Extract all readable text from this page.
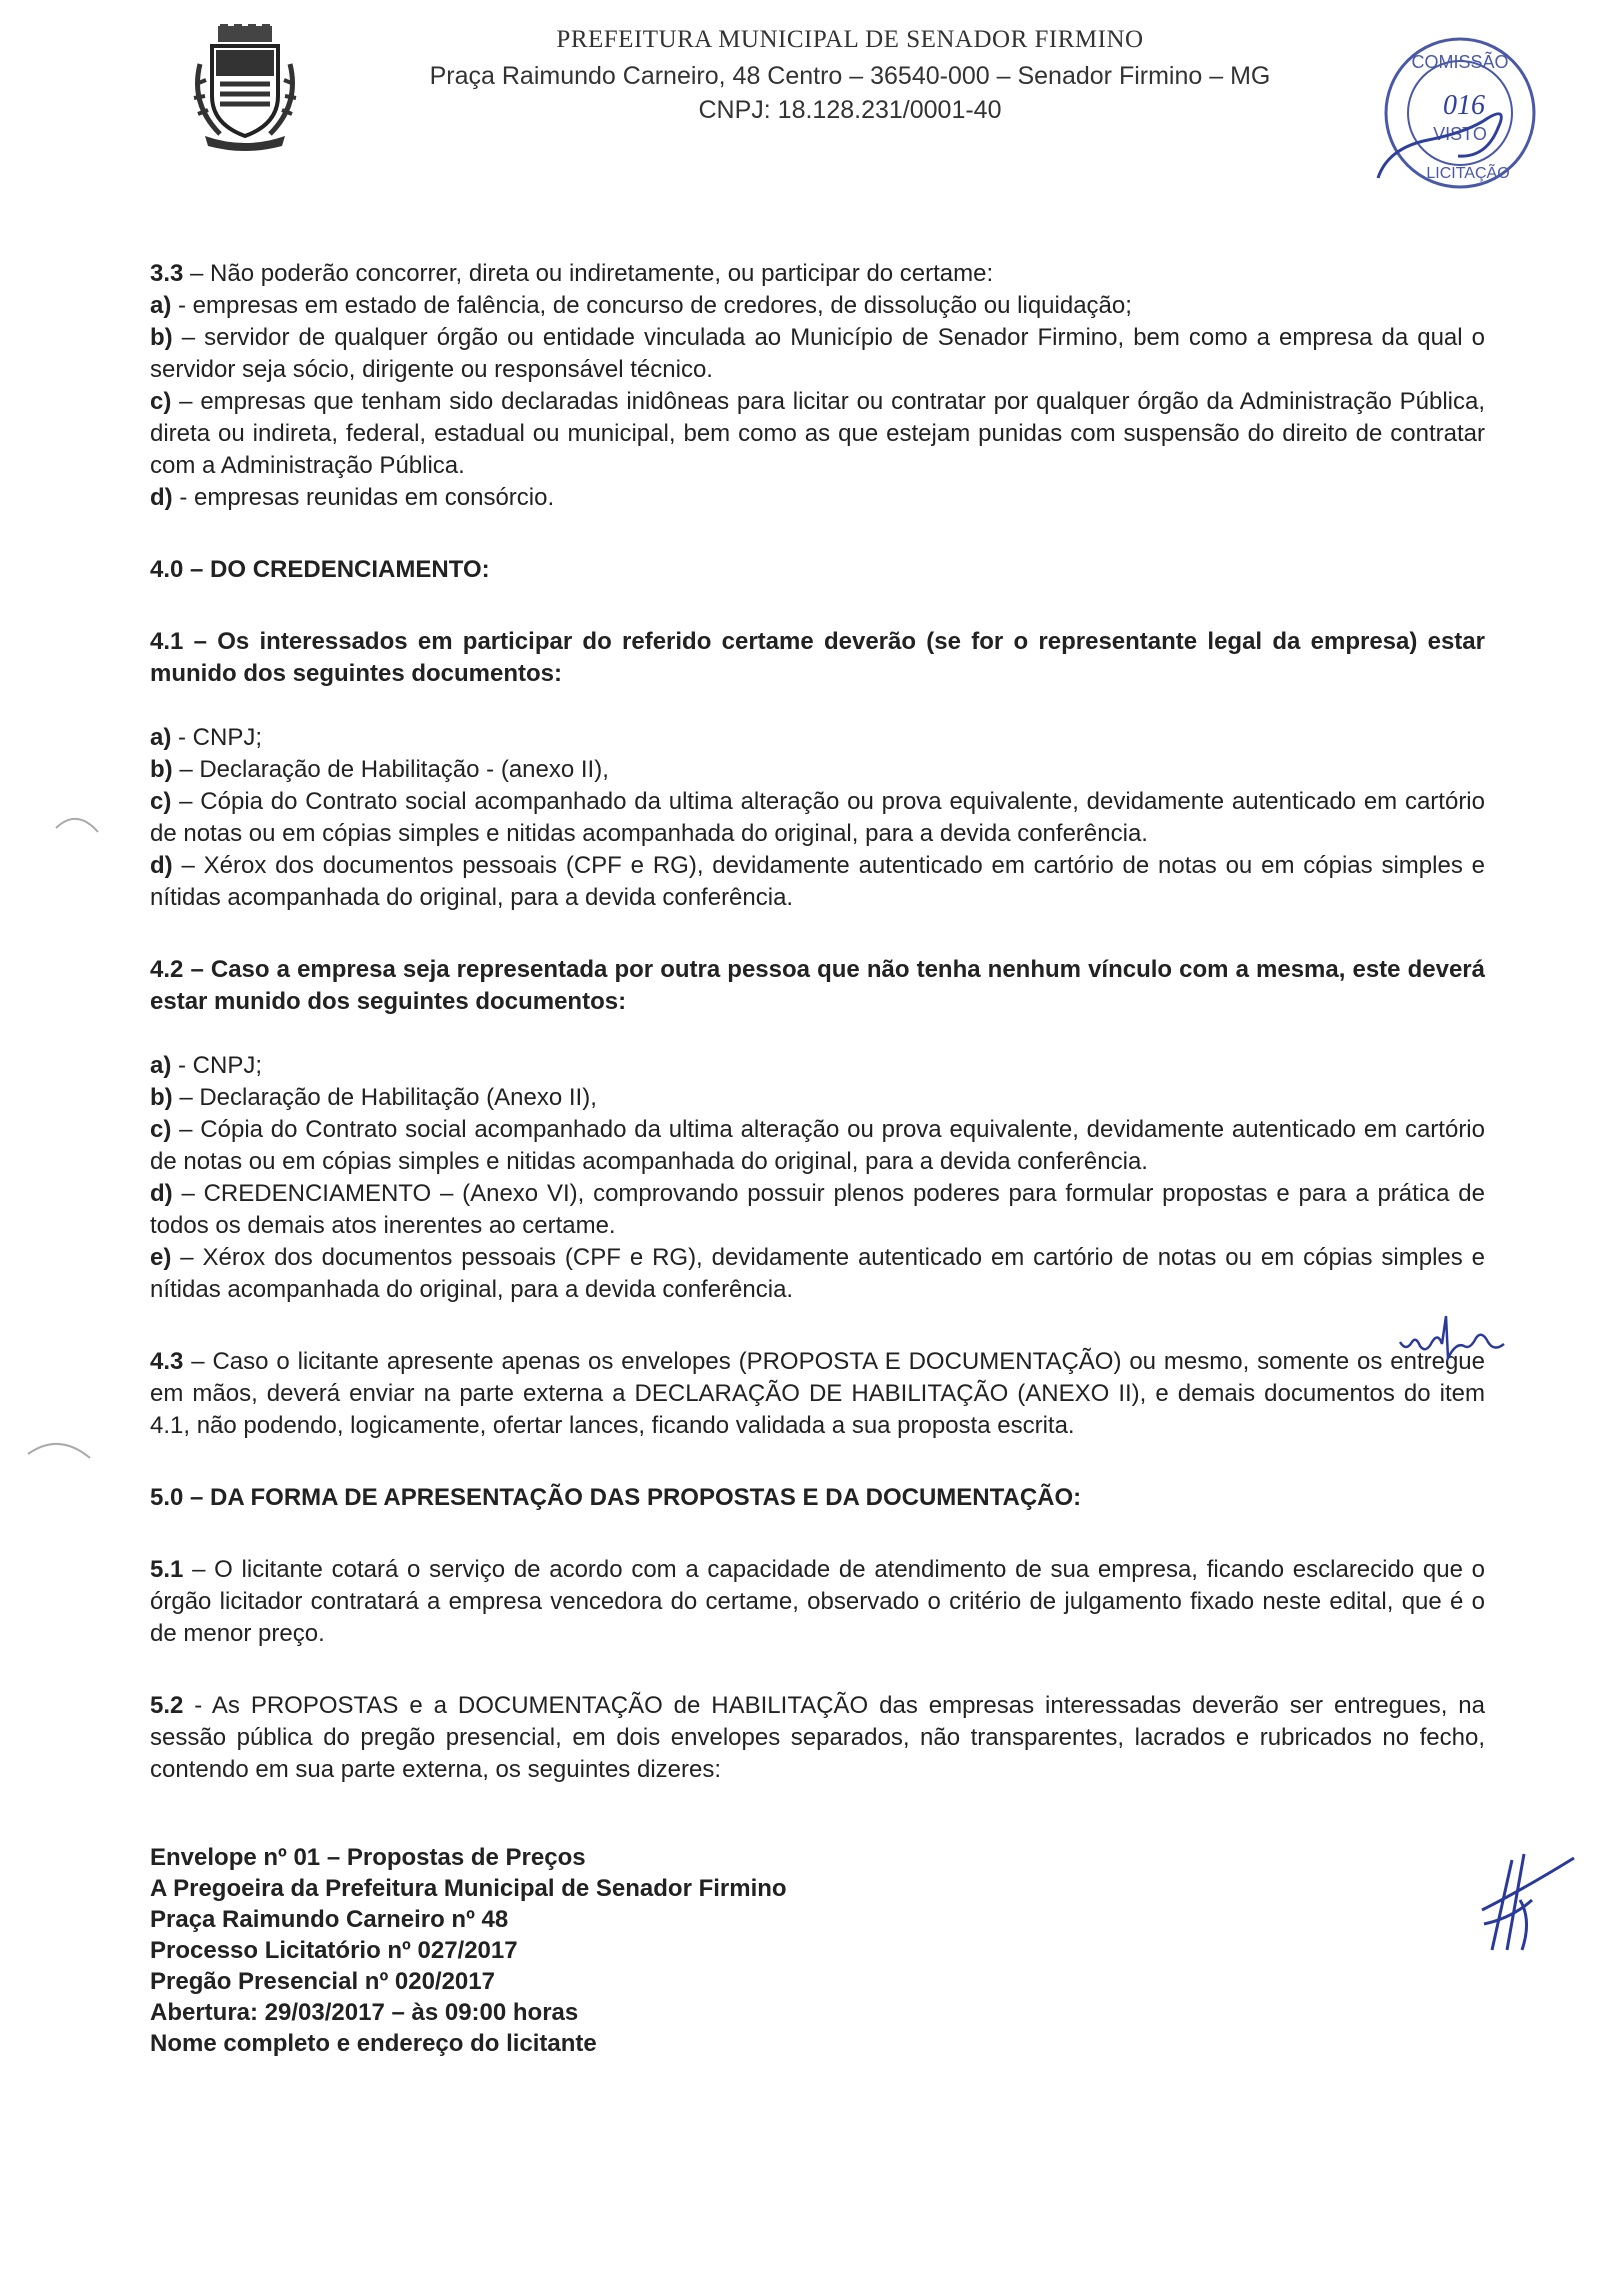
PREFEITURA MUNICIPAL DE SENADOR FIRMINO
Praça Raimundo Carneiro, 48 Centro – 36540-000 – Senador Firmino – MG
CNPJ: 18.128.231/0001-40
COMISSÃO
016
VISTO
LICITAÇÃO

3.3 – Não poderão concorrer, direta ou indiretamente, ou participar do certame:

a) - empresas em estado de falência, de concurso de credores, de dissolução ou liquidação;

b) – servidor de qualquer órgão ou entidade vinculada ao Município de Senador Firmino, bem como a empresa da qual o servidor seja sócio, dirigente ou responsável técnico.

c) – empresas que tenham sido declaradas inidôneas para licitar ou contratar por qualquer órgão da Administração Pública, direta ou indireta, federal, estadual ou municipal, bem como as que estejam punidas com suspensão do direito de contratar com a Administração Pública.

d) - empresas reunidas em consórcio.

4.0 – DO CREDENCIAMENTO:

4.1 – Os interessados em participar do referido certame deverão (se for o representante legal da empresa) estar munido dos seguintes documentos:

a) - CNPJ;

b) – Declaração de Habilitação - (anexo II),

c) – Cópia do Contrato social acompanhado da ultima alteração ou prova equivalente, devidamente autenticado em cartório de notas ou em cópias simples e nitidas acompanhada do original, para a devida conferência.

d) – Xérox dos documentos pessoais (CPF e RG), devidamente autenticado em cartório de notas ou em cópias simples e nítidas acompanhada do original, para a devida conferência.

4.2 – Caso a empresa seja representada por outra pessoa que não tenha nenhum vínculo com a mesma, este deverá estar munido dos seguintes documentos:

a) - CNPJ;

b) – Declaração de Habilitação (Anexo II),

c) – Cópia do Contrato social acompanhado da ultima alteração ou prova equivalente, devidamente autenticado em cartório de notas ou em cópias simples e nitidas acompanhada do original, para a devida conferência.

d) – CREDENCIAMENTO – (Anexo VI), comprovando possuir plenos poderes para formular propostas e para a prática de todos os demais atos inerentes ao certame.

e) – Xérox dos documentos pessoais (CPF e RG), devidamente autenticado em cartório de notas ou em cópias simples e nítidas acompanhada do original, para a devida conferência.

4.3 – Caso o licitante apresente apenas os envelopes (PROPOSTA E DOCUMENTAÇÃO) ou mesmo, somente os entregue em mãos, deverá enviar na parte externa a DECLARAÇÃO DE HABILITAÇÃO (ANEXO II), e demais documentos do item 4.1, não podendo, logicamente, ofertar lances, ficando validada a sua proposta escrita.

5.0 – DA FORMA DE APRESENTAÇÃO DAS PROPOSTAS E DA DOCUMENTAÇÃO:

5.1 – O licitante cotará o serviço de acordo com a capacidade de atendimento de sua empresa, ficando esclarecido que o órgão licitador contratará a empresa vencedora do certame, observado o critério de julgamento fixado neste edital, que é o de menor preço.

5.2 - As PROPOSTAS e a DOCUMENTAÇÃO de HABILITAÇÃO das empresas interessadas deverão ser entregues, na sessão pública do pregão presencial, em dois envelopes separados, não transparentes, lacrados e rubricados no fecho, contendo em sua parte externa, os seguintes dizeres:

Envelope nº 01 – Propostas de Preços

A Pregoeira da Prefeitura Municipal de Senador Firmino

Praça Raimundo Carneiro nº 48

Processo Licitatório nº 027/2017

Pregão Presencial nº 020/2017

Abertura: 29/03/2017 – às 09:00 horas

Nome completo e endereço do licitante
